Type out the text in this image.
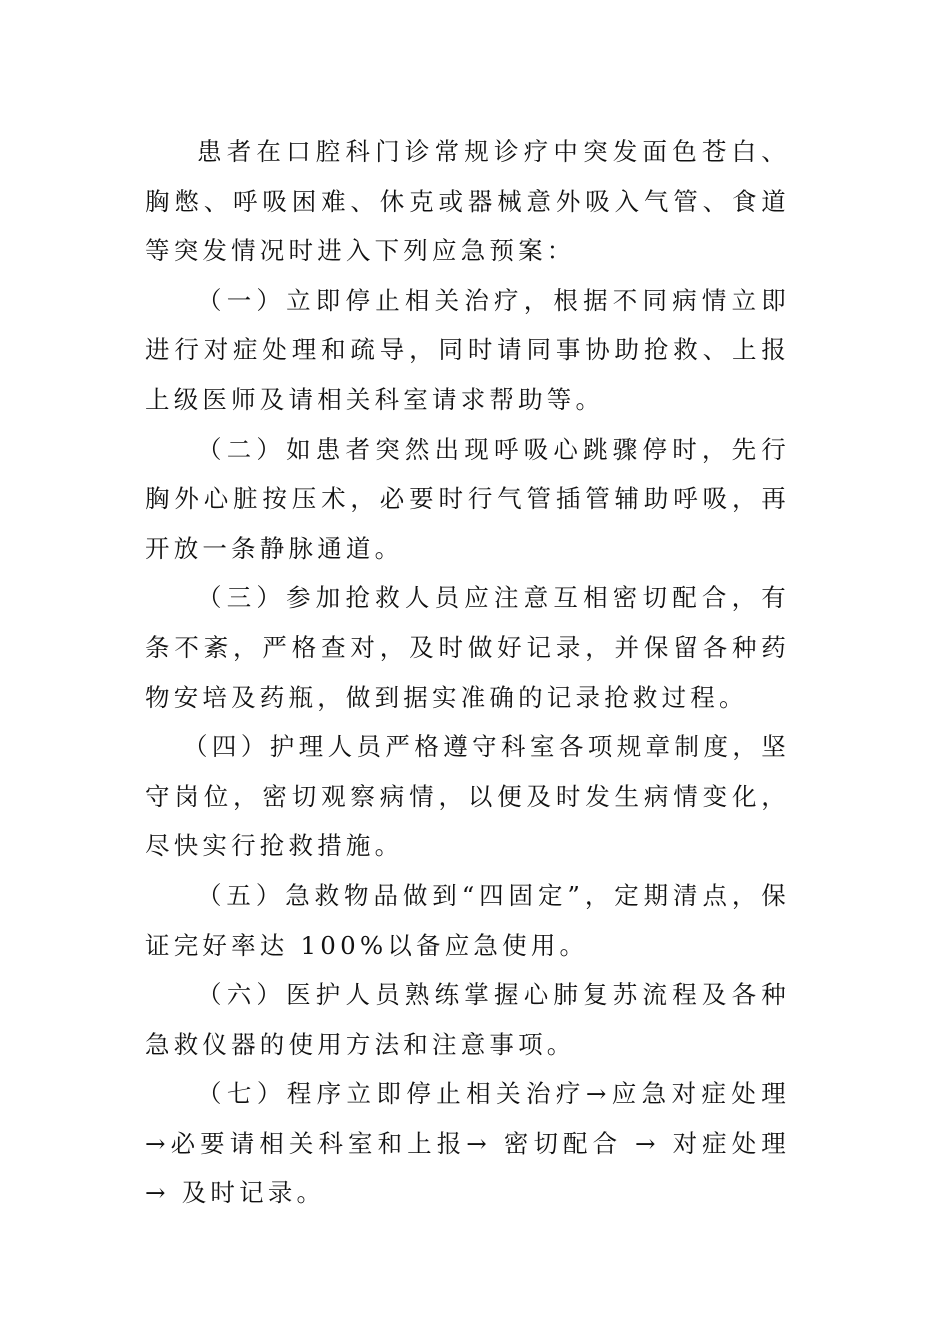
患者在口腔科门诊常规诊疗中突发面色苍白、胸憋、呼吸困难、休克或器械意外吸入气管、食道等突发情况时进入下列应急预案：

（一）立即停止相关治疗，根据不同病情立即进行对症处理和疏导，同时请同事协助抢救、上报上级医师及请相关科室请求帮助等。

（二）如患者突然出现呼吸心跳骤停时，先行胸外心脏按压术，必要时行气管插管辅助呼吸，再开放一条静脉通道。

（三）参加抢救人员应注意互相密切配合，有条不紊，严格查对，及时做好记录，并保留各种药物安培及药瓶，做到据实准确的记录抢救过程。

（四）护理人员严格遵守科室各项规章制度，坚守岗位，密切观察病情，以便及时发生病情变化，尽快实行抢救措施。

（五）急救物品做到“四固定”，定期清点，保证完好率达 100%以备应急使用。

（六）医护人员熟练掌握心肺复苏流程及各种急救仪器的使用方法和注意事项。

（七）程序立即停止相关治疗→应急对症处理→必要请相关科室和上报→ 密切配合 → 对症处理 → 及时记录。
